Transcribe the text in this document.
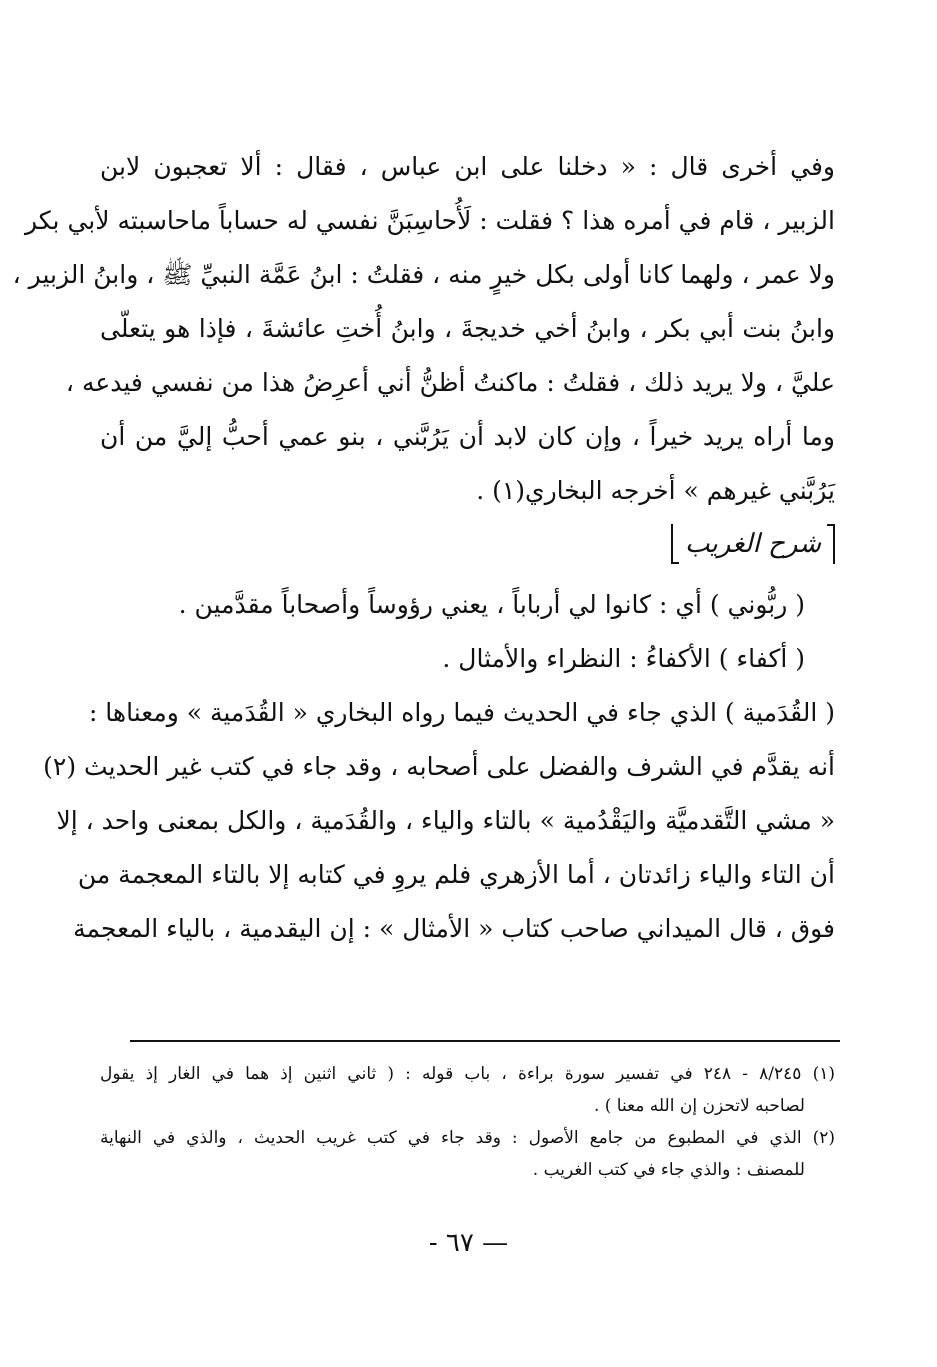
وفي أخرى قال : « دخلنا على ابن عباس ، فقال : ألا تعجبون لابن
الزبير ، قام في أمره هذا ؟ فقلت : لَأُحاسِبَنَّ نفسي له حساباً ماحاسبته لأبي بكر
ولا عمر ، ولهما كانا أولى بكل خيرٍ منه ، فقلتُ : ابنُ عَمَّة النبيِّ ﷺ ، وابنُ الزبير ،
وابنُ بنت أبي بكر ، وابنُ أخي خديجةَ ، وابنُ أُختِ عائشةَ ، فإذا هو يتعلّى
عليَّ ، ولا يريد ذلك ، فقلتُ : ماكنتُ أظنُّ أني أعرِضُ هذا من نفسي فيدعه ،
وما أراه يريد خيراً ، وإن كان لابد أن يَرُبَّني ، بنو عمي أحبُّ إليَّ من أن
يَرُبَّني غيرهم » أخرجه البخاري(١) .
شرح الغريب
( ربُّوني ) أي : كانوا لي أرباباً ، يعني رؤوساً وأصحاباً مقدَّمين .
( أكفاء ) الأكفاءُ : النظراء والأمثال .
( القُدَمية ) الذي جاء في الحديث فيما رواه البخاري « القُدَمية » ومعناها :
أنه يقدَّم في الشرف والفضل على أصحابه ، وقد جاء في كتب غير الحديث (٢)
« مشي التَّقدميَّة واليَقْدُمية » بالتاء والياء ، والقُدَمية ، والكل بمعنى واحد ، إلا
أن التاء والياء زائدتان ، أما الأزهري فلم يروِ في كتابه إلا بالتاء المعجمة من
فوق ، قال الميداني صاحب كتاب « الأمثال » : إن اليقدمية ، بالياء المعجمة
(١) ٨/٢٤٥ - ٢٤٨ في تفسير سورة براءة ، باب قوله : ( ثاني اثنين إذ هما في الغار إذ يقول
لصاحبه لاتحزن إن الله معنا ) .
(٢) الذي في المطبوع من جامع الأصول : وقد جاء في كتب غريب الحديث ، والذي في النهاية
للمصنف : والذي جاء في كتب الغريب .
— ٦٧ -
